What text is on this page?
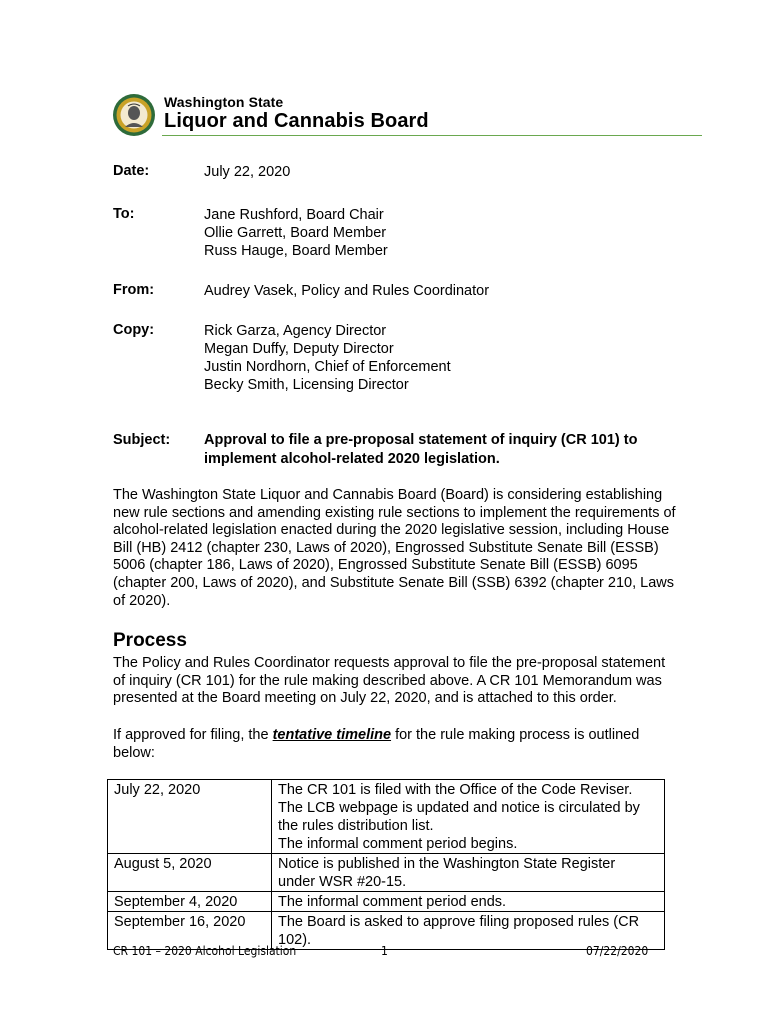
Washington State
Liquor and Cannabis Board
Date:	July 22, 2020
To:	Jane Rushford, Board Chair
Ollie Garrett, Board Member
Russ Hauge, Board Member
From:	Audrey Vasek, Policy and Rules Coordinator
Copy:	Rick Garza, Agency Director
Megan Duffy, Deputy Director
Justin Nordhorn, Chief of Enforcement
Becky Smith, Licensing Director
Subject: Approval to file a pre-proposal statement of inquiry (CR 101) to
implement alcohol-related 2020 legislation.
The Washington State Liquor and Cannabis Board (Board) is considering establishing
new rule sections and amending existing rule sections to implement the requirements of
alcohol-related legislation enacted during the 2020 legislative session, including House
Bill (HB) 2412 (chapter 230, Laws of 2020), Engrossed Substitute Senate Bill (ESSB)
5006 (chapter 186, Laws of 2020), Engrossed Substitute Senate Bill (ESSB) 6095
(chapter 200, Laws of 2020), and Substitute Senate Bill (SSB) 6392 (chapter 210, Laws
of 2020).
Process
The Policy and Rules Coordinator requests approval to file the pre-proposal statement
of inquiry (CR 101) for the rule making described above. A CR 101 Memorandum was
presented at the Board meeting on July 22, 2020, and is attached to this order.
If approved for filing, the tentative timeline for the rule making process is outlined
below:
July 22, 2020	The CR 101 is filed with the Office of the Code Reviser.
The LCB webpage is updated and notice is circulated by
the rules distribution list.
The informal comment period begins.

August 5, 2020	Notice is published in the Washington State Register
under WSR #20-15.

September 4, 2020	The informal comment period ends.

September 16, 2020	The Board is asked to approve filing proposed rules (CR
102).
CR 101 – 2020 Alcohol Legislation	1	07/22/2020
